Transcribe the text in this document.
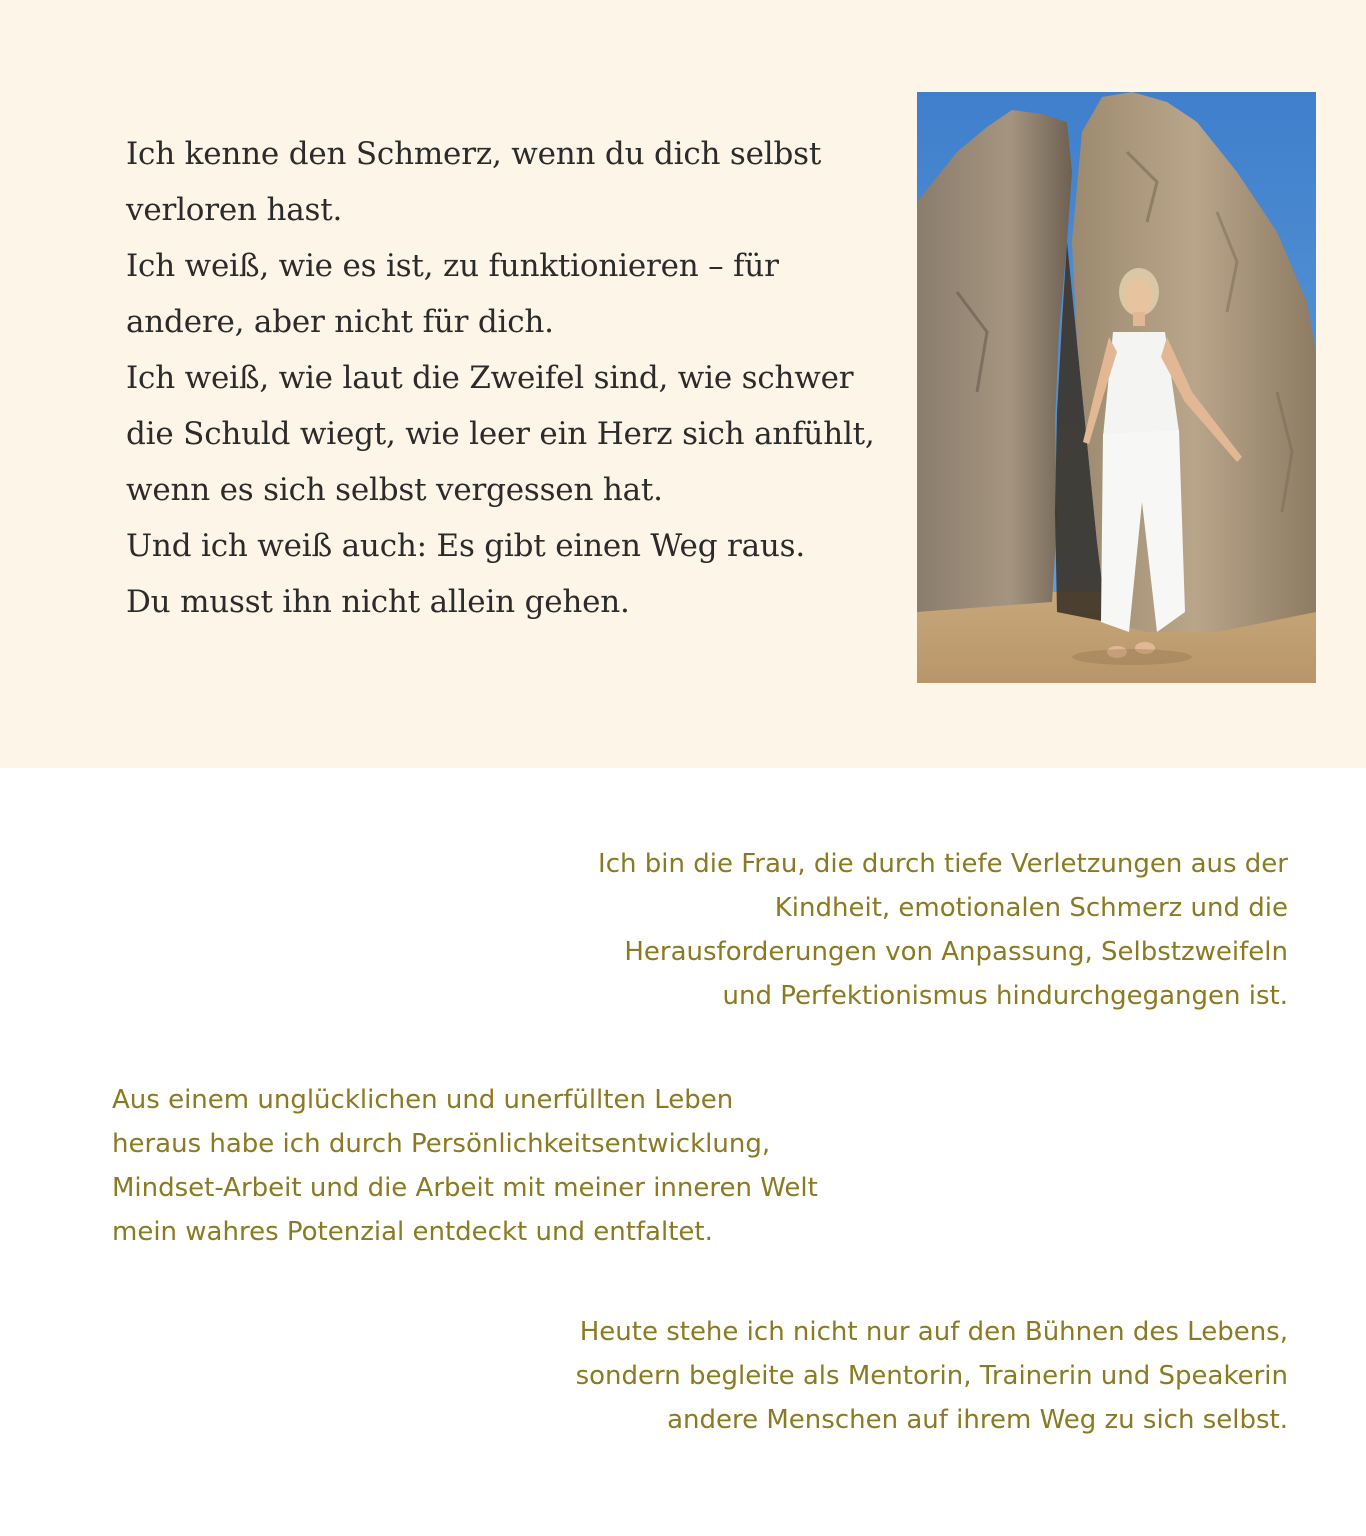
Ich kenne den Schmerz, wenn du dich selbst
verloren hast.
Ich weiß, wie es ist, zu funktionieren – für
andere, aber nicht für dich.
Ich weiß, wie laut die Zweifel sind, wie schwer
die Schuld wiegt, wie leer ein Herz sich anfühlt,
wenn es sich selbst vergessen hat.
Und ich weiß auch: Es gibt einen Weg raus.
Du musst ihn nicht allein gehen.
Ich bin die Frau, die durch tiefe Verletzungen aus der
Kindheit, emotionalen Schmerz und die
Herausforderungen von Anpassung, Selbstzweifeln
und Perfektionismus hindurchgegangen ist.
Aus einem unglücklichen und unerfüllten Leben
heraus habe ich durch Persönlichkeitsentwicklung,
Mindset-Arbeit und die Arbeit mit meiner inneren Welt
mein wahres Potenzial entdeckt und entfaltet.
Heute stehe ich nicht nur auf den Bühnen des Lebens,
sondern begleite als Mentorin, Trainerin und Speakerin
andere Menschen auf ihrem Weg zu sich selbst.
